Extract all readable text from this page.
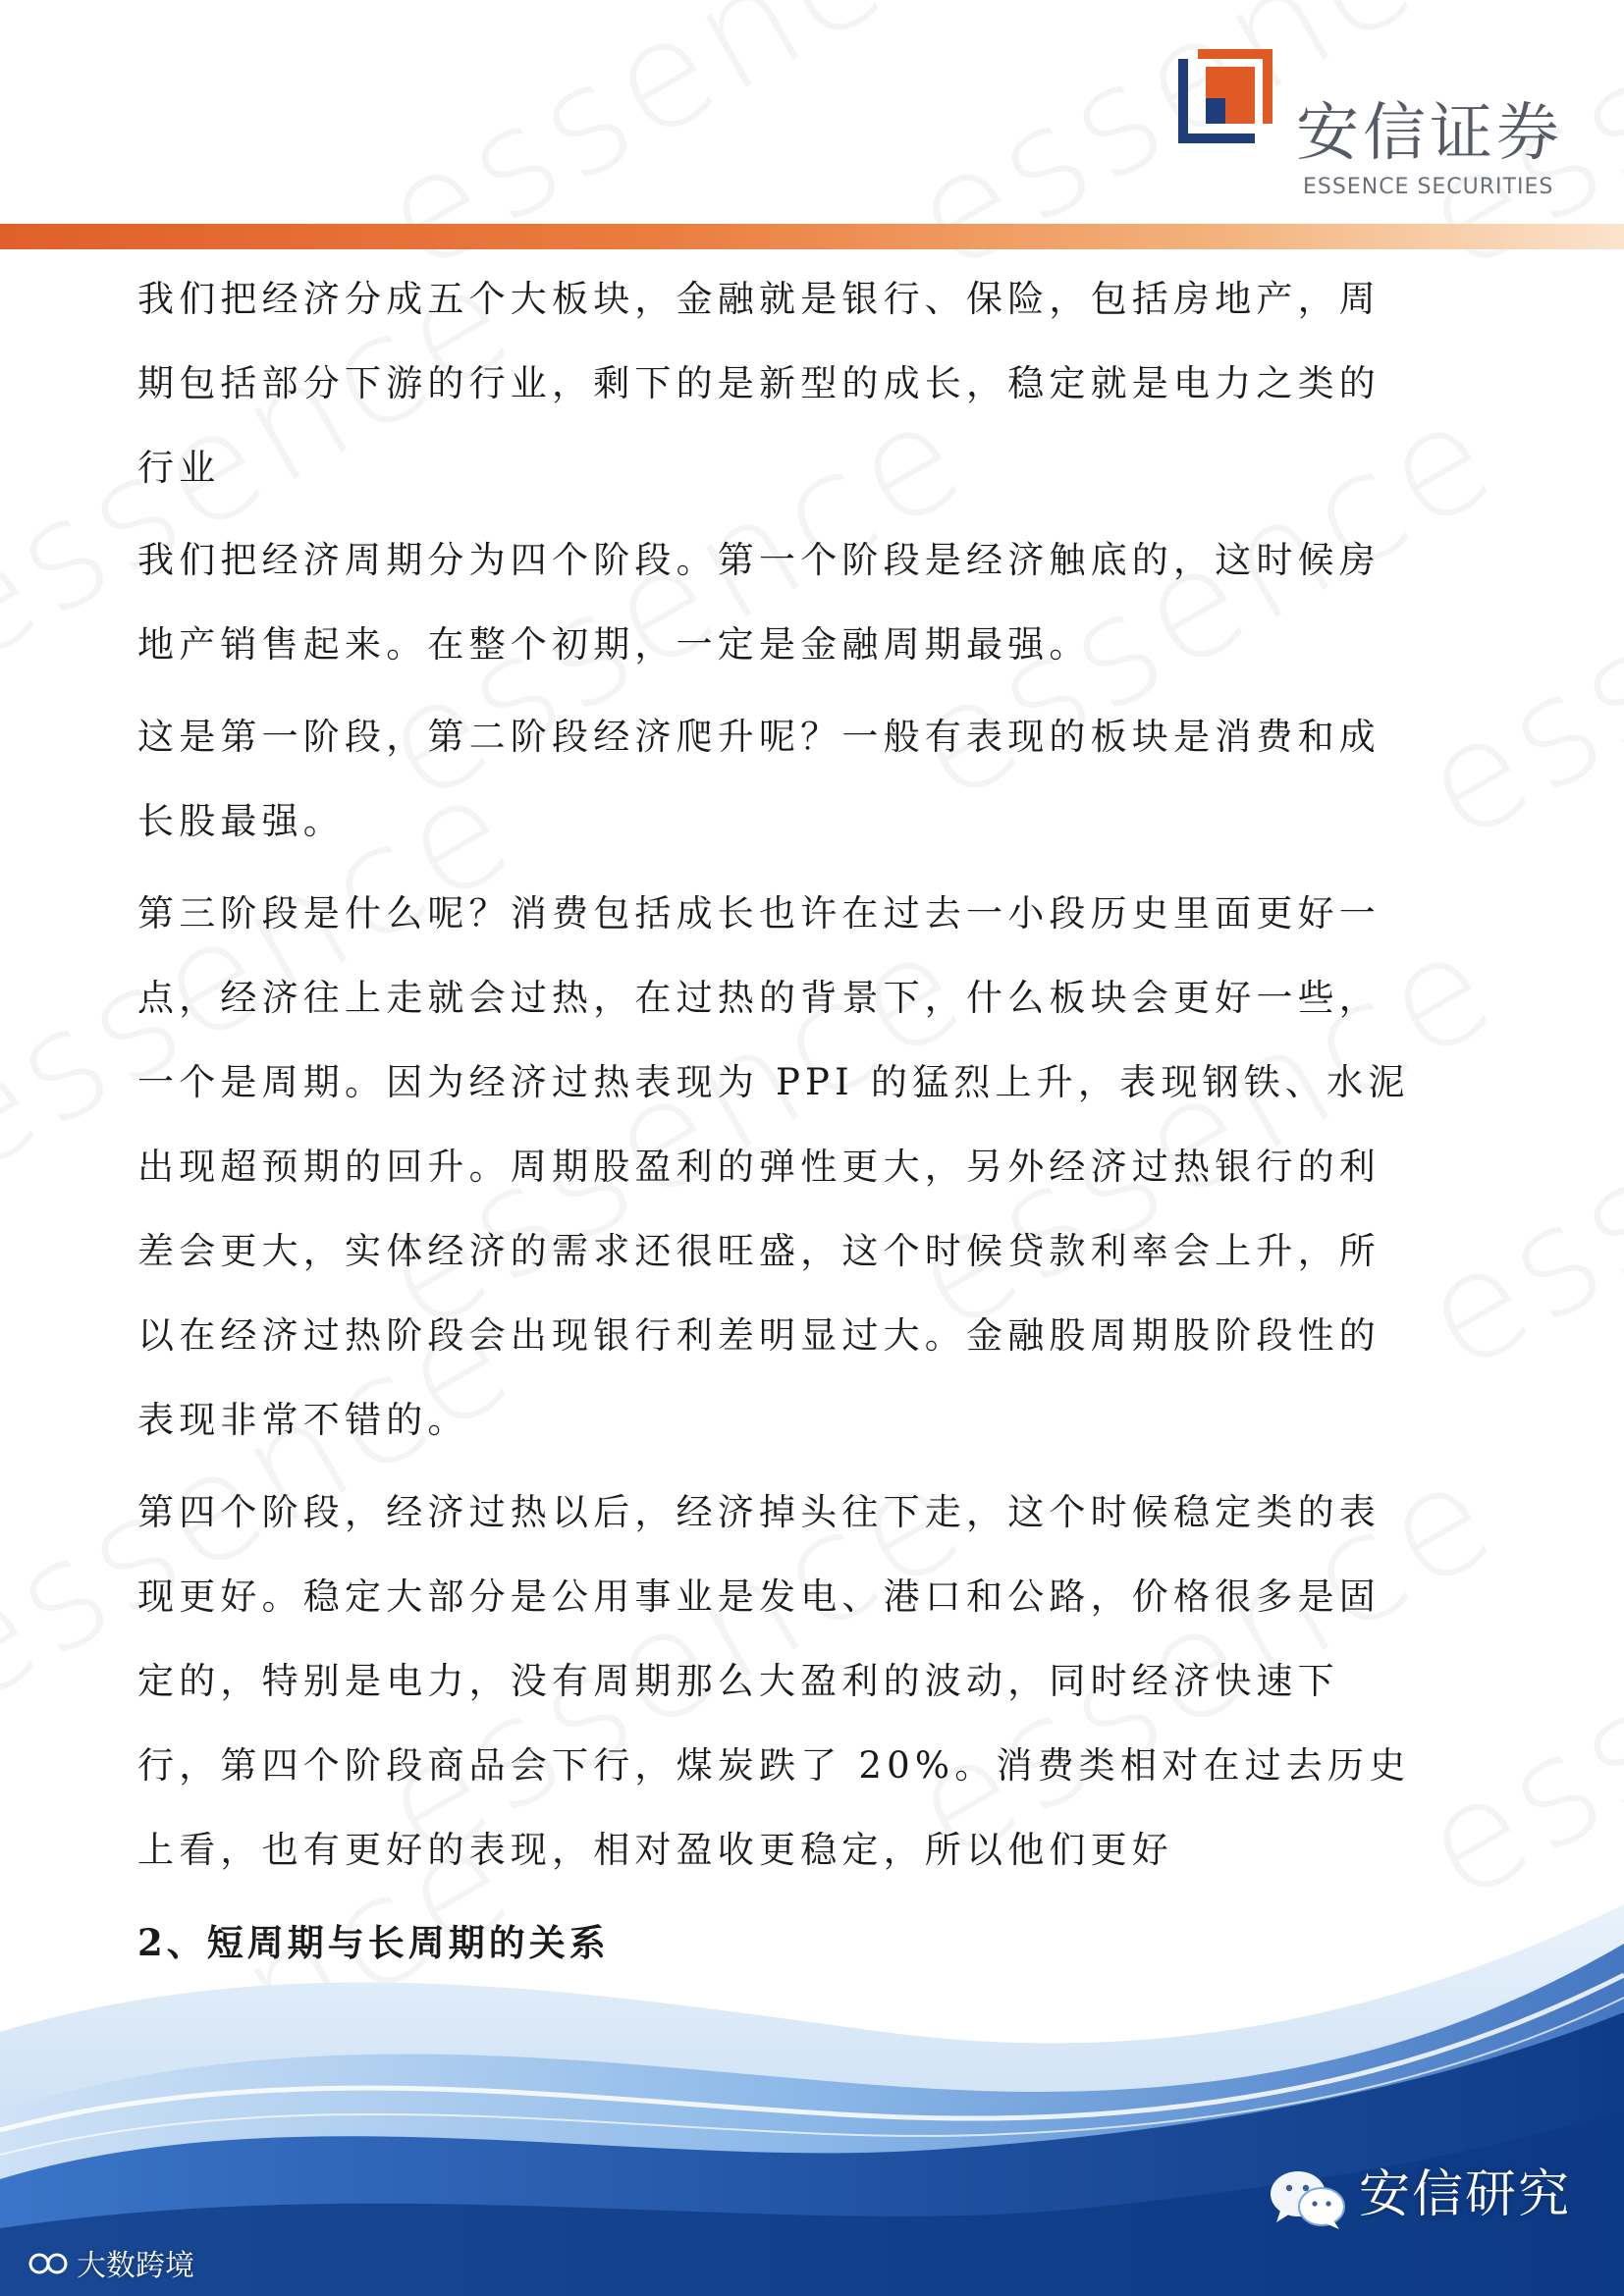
安信证券
ESSENCE SECURITIES
我们把经济分成五个大板块，金融就是银行、保险，包括房地产，周
期包括部分下游的行业，剩下的是新型的成长，稳定就是电力之类的
行业
我们把经济周期分为四个阶段。第一个阶段是经济触底的，这时候房
地产销售起来。在整个初期，一定是金融周期最强。
这是第一阶段，第二阶段经济爬升呢？一般有表现的板块是消费和成
长股最强。
第三阶段是什么呢？消费包括成长也许在过去一小段历史里面更好一
点，经济往上走就会过热，在过热的背景下，什么板块会更好一些，
一个是周期。因为经济过热表现为 PPI 的猛烈上升，表现钢铁、水泥
出现超预期的回升。周期股盈利的弹性更大，另外经济过热银行的利
差会更大，实体经济的需求还很旺盛，这个时候贷款利率会上升，所
以在经济过热阶段会出现银行利差明显过大。金融股周期股阶段性的
表现非常不错的。
第四个阶段，经济过热以后，经济掉头往下走，这个时候稳定类的表
现更好。稳定大部分是公用事业是发电、港口和公路，价格很多是固
定的，特别是电力，没有周期那么大盈利的波动，同时经济快速下
行，第四个阶段商品会下行，煤炭跌了 20%。消费类相对在过去历史
上看，也有更好的表现，相对盈收更稳定，所以他们更好
2、短周期与长周期的关系
安信研究
大数跨境
